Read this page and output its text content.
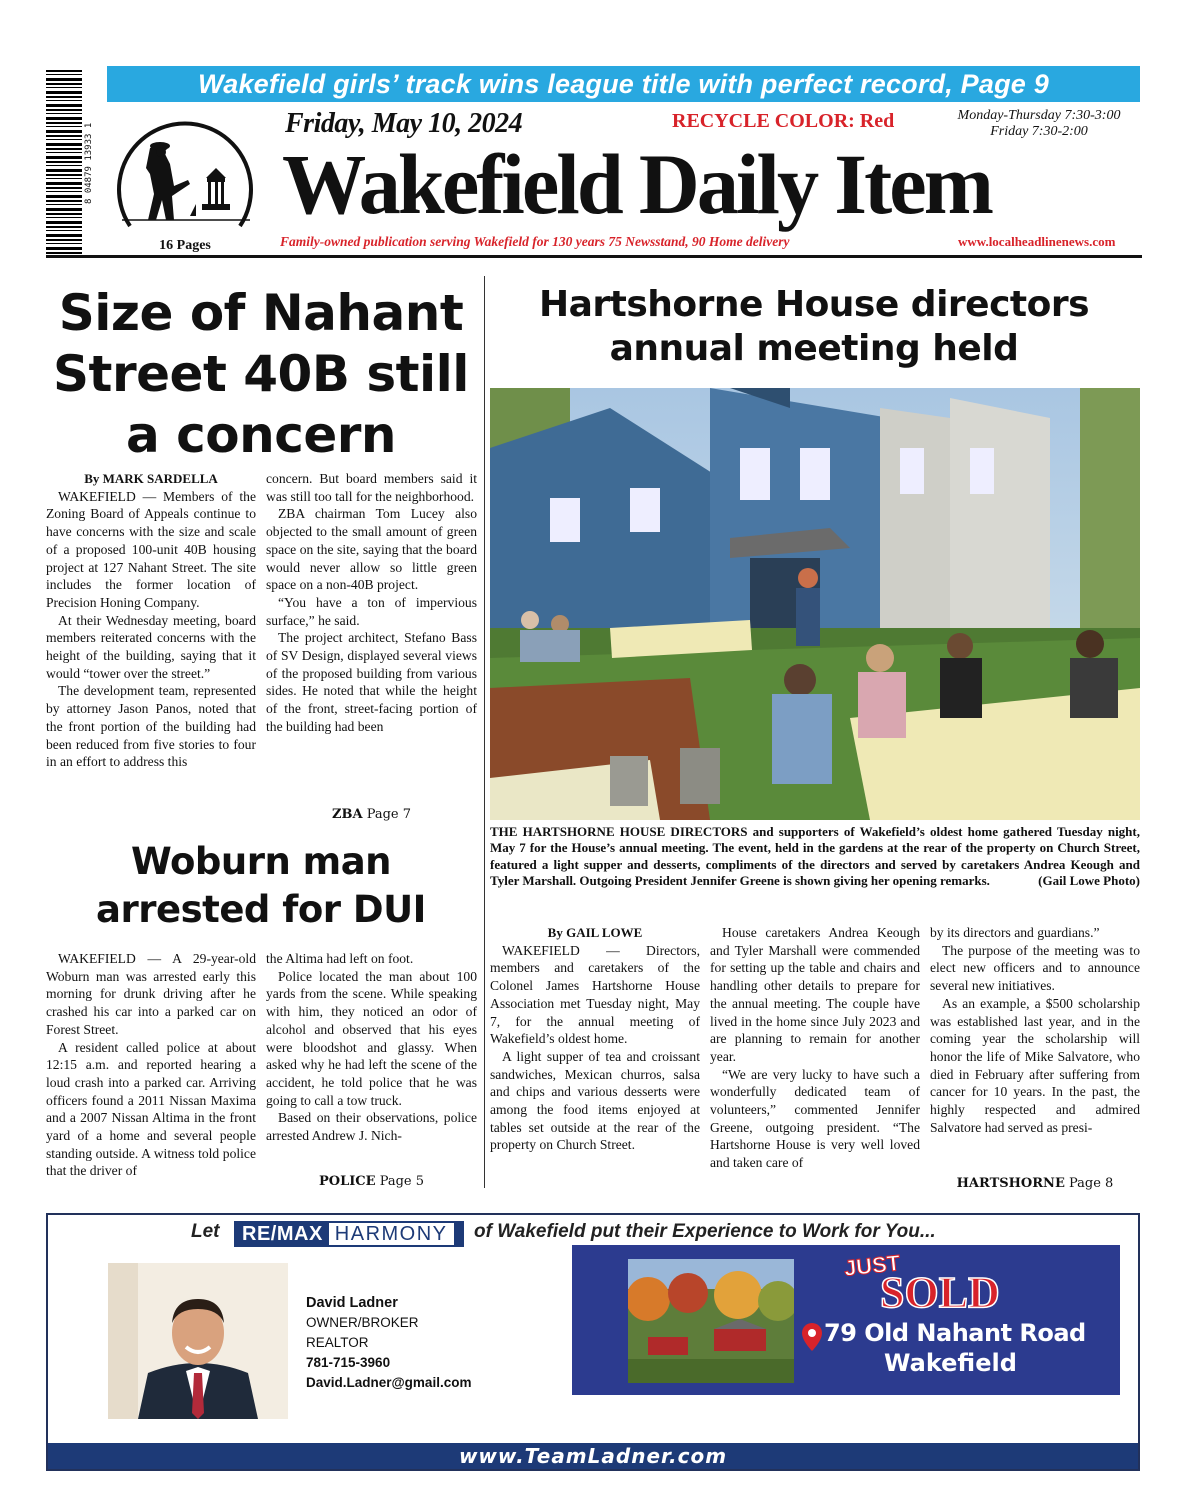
Wakefield girls’ track wins league title with perfect record, Page 9
8 04879 13933 1
16 Pages
Friday, May 10, 2024	RECYCLE COLOR: Red	Monday-Thursday 7:30-3:00
Friday 7:30-2:00
Wakefield Daily Item
Family-owned publication serving Wakefield for 130 years 75 Newsstand, 90 Home delivery	www.localheadlinenews.com
Size of Nahant Street 40B still a concern

By MARK SARDELLA

WAKEFIELD — Members of the Zoning Board of Appeals continue to have concerns with the size and scale of a proposed 100-unit 40B housing project at 127 Nahant Street. The site includes the former location of Precision Honing Company.

At their Wednesday meeting, board members reiterated concerns with the height of the building, saying that it would “tower over the street.”

The development team, represented by attorney Jason Panos, noted that the front portion of the building had been reduced from five stories to four in an effort to address this

concern. But board members said it was still too tall for the neighborhood.

ZBA chairman Tom Lucey also objected to the small amount of green space on the site, saying that the board would never allow so little green space on a non-40B project.

“You have a ton of impervious surface,” he said.

The project architect, Stefano Bass of SV Design, displayed several views of the proposed building from various sides. He noted that while the height of the front, street-facing portion of the building had been

ZBA Page 7
Hartshorne House directors annual meeting held
THE HARTSHORNE HOUSE DIRECTORS and supporters of Wakefield’s oldest home gathered Tuesday night, May 7 for the House’s annual meeting. The event, held in the gardens at the rear of the property on Church Street, featured a light supper and desserts, compliments of the directors and served by caretakers Andrea Keough and Tyler Marshall. Outgoing President Jennifer Greene is shown giving her opening remarks.	(Gail Lowe Photo)

By GAIL LOWE

WAKEFIELD — Directors, members and caretakers of the Colonel James Hartshorne House Association met Tuesday night, May 7, for the annual meeting of Wakefield’s oldest home.

A light supper of tea and croissant sandwiches, Mexican churros, salsa and chips and various desserts were among the food items enjoyed at tables set outside at the rear of the property on Church Street.

House caretakers Andrea Keough and Tyler Marshall were commended for setting up the table and chairs and handling other details to prepare for the annual meeting. The couple have lived in the home since July 2023 and are planning to remain for another year.

“We are very lucky to have such a wonderfully dedicated team of volunteers,” commented Jennifer Greene, outgoing president. “The Hartshorne House is very well loved and taken care of

by its directors and guardians.”

The purpose of the meeting was to elect new officers and to announce several new initiatives.

As an example, a $500 scholarship was established last year, and in the coming year the scholarship will honor the life of Mike Salvatore, who died in February after suffering from cancer for 10 years. In the past, the highly respected and admired Salvatore had served as presi-

HARTSHORNE Page 8
Woburn man arrested for DUI

WAKEFIELD — A 29-year-old Woburn man was arrested early this morning for drunk driving after he crashed his car into a parked car on Forest Street.

A resident called police at about 12:15 a.m. and reported hearing a loud crash into a parked car. Arriving officers found a 2011 Nissan Maxima and a 2007 Nissan Altima in the front yard of a home and several people standing outside. A witness told police that the driver of

the Altima had left on foot.

Police located the man about 100 yards from the scene. While speaking with him, they noticed an odor of alcohol and observed that his eyes were bloodshot and glassy. When asked why he had left the scene of the accident, he told police that he was going to call a tow truck.

Based on their observations, police arrested Andrew J. Nich-

POLICE Page 5
Let	RE/MAX HARMONY	of Wakefield put their Experience to Work for You...
David Ladner
OWNER/BROKER
REALTOR
781-715-3960
David.Ladner@gmail.com
JUST
SOLD
79 Old Nahant Road
Wakefield
www.TeamLadner.com
